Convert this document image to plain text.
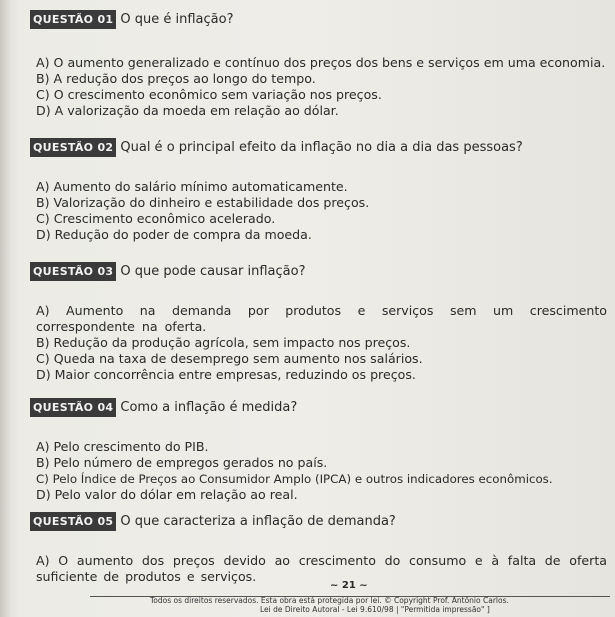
QUESTÃO 01 O que é inflação?
A) O aumento generalizado e contínuo dos preços dos bens e serviços em uma economia.
B) A redução dos preços ao longo do tempo.
C) O crescimento econômico sem variação nos preços.
D) A valorização da moeda em relação ao dólar.
QUESTÃO 02 Qual é o principal efeito da inflação no dia a dia das pessoas?
A) Aumento do salário mínimo automaticamente.
B) Valorização do dinheiro e estabilidade dos preços.
C) Crescimento econômico acelerado.
D) Redução do poder de compra da moeda.
QUESTÃO 03 O que pode causar inflação?
A) Aumento na demanda por produtos e serviços sem um crescimento correspondente na oferta.
B) Redução da produção agrícola, sem impacto nos preços.
C) Queda na taxa de desemprego sem aumento nos salários.
D) Maior concorrência entre empresas, reduzindo os preços.
QUESTÃO 04 Como a inflação é medida?
A) Pelo crescimento do PIB.
B) Pelo número de empregos gerados no país.
C) Pelo Índice de Preços ao Consumidor Amplo (IPCA) e outros indicadores econômicos.
D) Pelo valor do dólar em relação ao real.
QUESTÃO 05 O que caracteriza a inflação de demanda?
A) O aumento dos preços devido ao crescimento do consumo e à falta de oferta suficiente de produtos e serviços.
~ 21 ~
Todos os direitos reservados. Esta obra está protegida por lei. © Copyright Prof. Antônio Carlos.
Lei de Direito Autoral - Lei 9.610/98 | "Permitida impressão" ]
